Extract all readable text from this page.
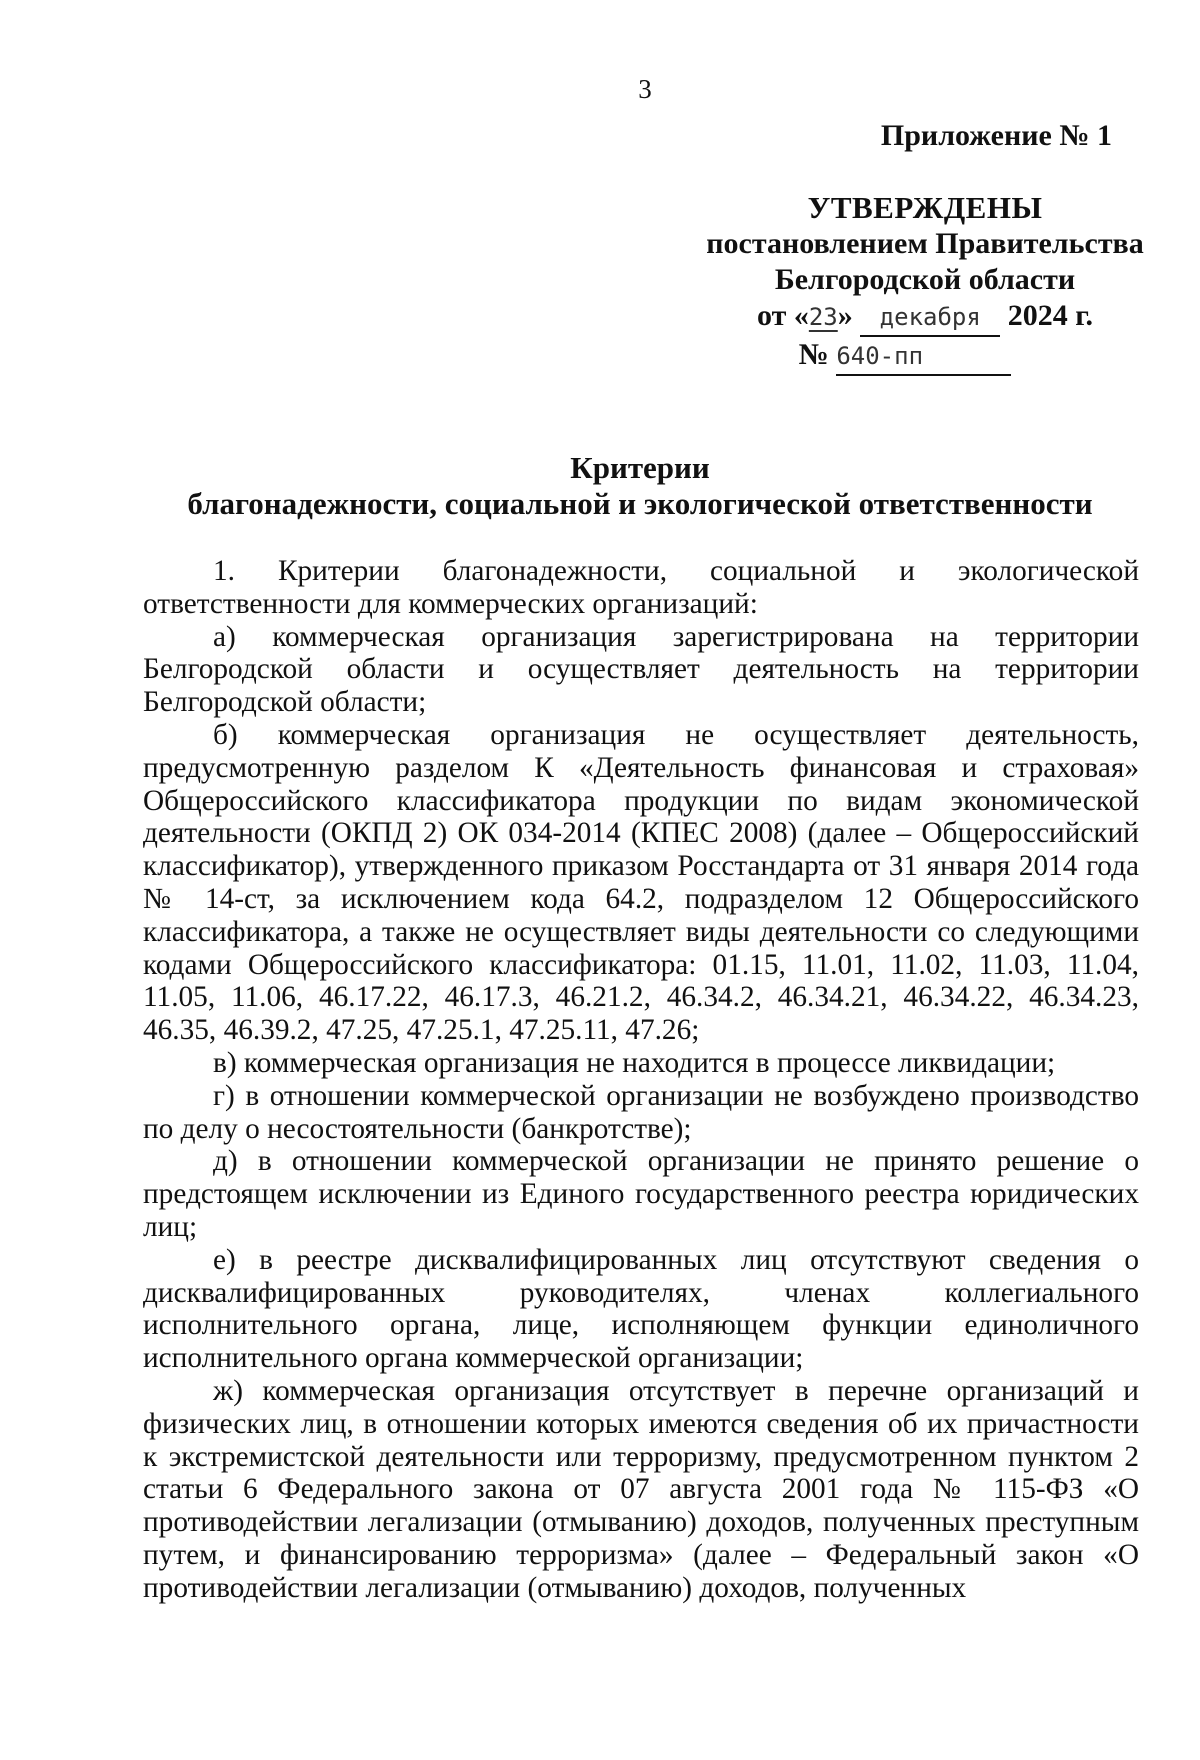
3
Приложение № 1
УТВЕРЖДЕНЫ
постановлением Правительства
Белгородской области
от «23» декабря 2024 г.
№ 640-пп
Критерии
благонадежности, социальной и экологической ответственности

1. Критерии благонадежности, социальной и экологической ответственности для коммерческих организаций:

а) коммерческая организация зарегистрирована на территории Белгородской области и осуществляет деятельность на территории Белгородской области;

б) коммерческая организация не осуществляет деятельность, предусмотренную разделом К «Деятельность финансовая и страховая» Общероссийского классификатора продукции по видам экономической деятельности (ОКПД 2) ОК 034-2014 (КПЕС 2008) (далее – Общероссийский классификатор), утвержденного приказом Росстандарта от 31 января 2014 года № 14-ст, за исключением кода 64.2, подразделом 12 Общероссийского классификатора, а также не осуществляет виды деятельности со следующими кодами Общероссийского классификатора: 01.15, 11.01, 11.02, 11.03, 11.04, 11.05, 11.06, 46.17.22, 46.17.3, 46.21.2, 46.34.2, 46.34.21, 46.34.22, 46.34.23, 46.35, 46.39.2, 47.25, 47.25.1, 47.25.11, 47.26;

в) коммерческая организация не находится в процессе ликвидации;

г) в отношении коммерческой организации не возбуждено производство по делу о несостоятельности (банкротстве);

д) в отношении коммерческой организации не принято решение о предстоящем исключении из Единого государственного реестра юридических лиц;

е) в реестре дисквалифицированных лиц отсутствуют сведения о дисквалифицированных руководителях, членах коллегиального исполнительного органа, лице, исполняющем функции единоличного исполнительного органа коммерческой организации;

ж) коммерческая организация отсутствует в перечне организаций и физических лиц, в отношении которых имеются сведения об их причастности к экстремистской деятельности или терроризму, предусмотренном пунктом 2 статьи 6 Федерального закона от 07 августа 2001 года № 115-ФЗ «О противодействии легализации (отмыванию) доходов, полученных преступным путем, и финансированию терроризма» (далее – Федеральный закон «О противодействии легализации (отмыванию) доходов, полученных
